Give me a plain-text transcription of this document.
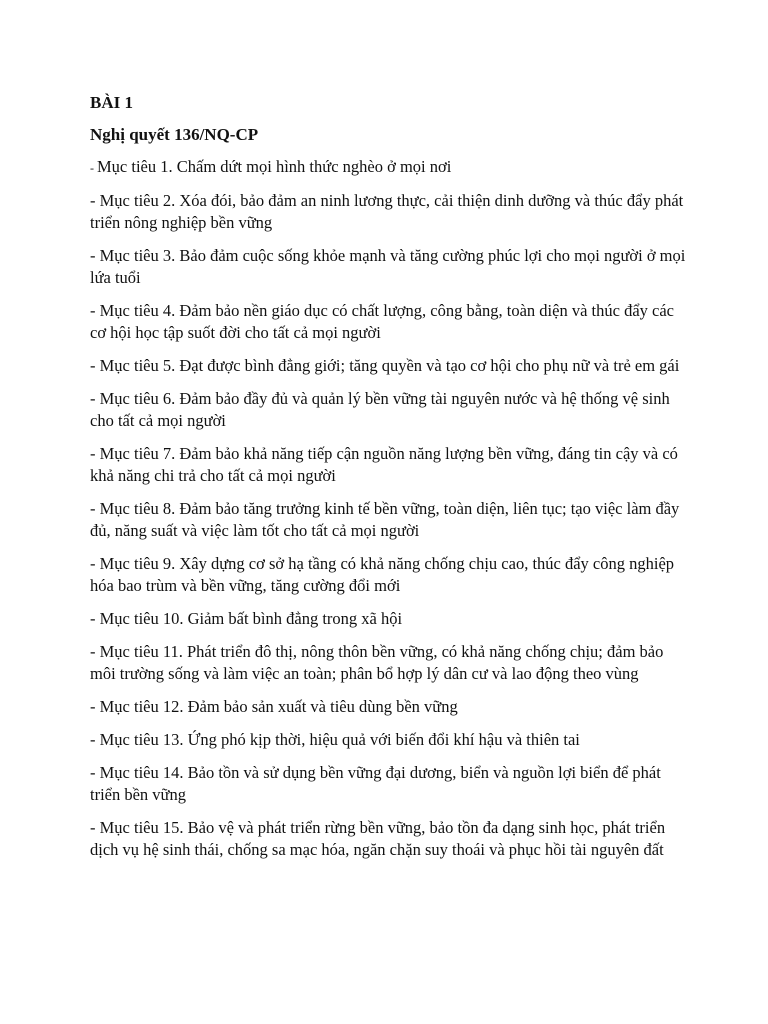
BÀI 1
Nghị quyết 136/NQ-CP
- Mục tiêu 1. Chấm dứt mọi hình thức nghèo ở mọi nơi
- Mục tiêu 2. Xóa đói, bảo đảm an ninh lương thực, cải thiện dinh dưỡng và thúc đẩy phát triển nông nghiệp bền vững
- Mục tiêu 3. Bảo đảm cuộc sống khỏe mạnh và tăng cường phúc lợi cho mọi người ở mọi lứa tuổi
- Mục tiêu 4. Đảm bảo nền giáo dục có chất lượng, công bằng, toàn diện và thúc đẩy các cơ hội học tập suốt đời cho tất cả mọi người
- Mục tiêu 5. Đạt được bình đẳng giới; tăng quyền và tạo cơ hội cho phụ nữ và trẻ em gái
- Mục tiêu 6. Đảm bảo đầy đủ và quản lý bền vững tài nguyên nước và hệ thống vệ sinh cho tất cả mọi người
- Mục tiêu 7. Đảm bảo khả năng tiếp cận nguồn năng lượng bền vững, đáng tin cậy và có khả năng chi trả cho tất cả mọi người
- Mục tiêu 8. Đảm bảo tăng trưởng kinh tế bền vững, toàn diện, liên tục; tạo việc làm đầy đủ, năng suất và việc làm tốt cho tất cả mọi người
- Mục tiêu 9. Xây dựng cơ sở hạ tầng có khả năng chống chịu cao, thúc đẩy công nghiệp hóa bao trùm và bền vững, tăng cường đổi mới
- Mục tiêu 10. Giảm bất bình đẳng trong xã hội
- Mục tiêu 11. Phát triển đô thị, nông thôn bền vững, có khả năng chống chịu; đảm bảo môi trường sống và làm việc an toàn; phân bổ hợp lý dân cư và lao động theo vùng
- Mục tiêu 12. Đảm bảo sản xuất và tiêu dùng bền vững
- Mục tiêu 13. Ứng phó kịp thời, hiệu quả với biến đổi khí hậu và thiên tai
- Mục tiêu 14. Bảo tồn và sử dụng bền vững đại dương, biển và nguồn lợi biển để phát triển bền vững
- Mục tiêu 15. Bảo vệ và phát triển rừng bền vững, bảo tồn đa dạng sinh học, phát triển dịch vụ hệ sinh thái, chống sa mạc hóa, ngăn chặn suy thoái và phục hồi tài nguyên đất
